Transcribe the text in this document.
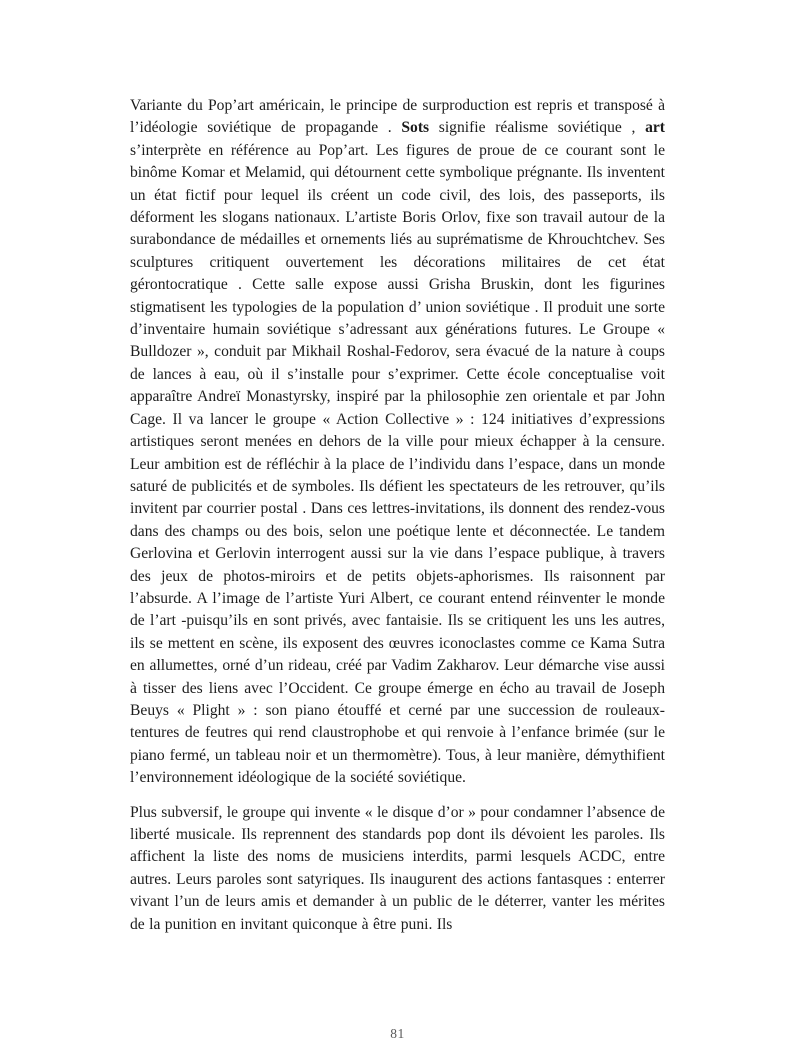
Variante du Pop’art américain, le principe de surproduction est repris et transposé à l’idéologie soviétique de propagande . Sots signifie réalisme soviétique , art s’interprète en référence au Pop’art. Les figures de proue de ce courant sont le binôme Komar et Melamid, qui détournent cette symbolique prégnante. Ils inventent un état fictif pour lequel ils créent un code civil, des lois, des passeports, ils déforment les slogans nationaux. L’artiste Boris Orlov, fixe son travail autour de la surabondance de médailles et ornements liés au suprématisme de Khrouchtchev. Ses sculptures critiquent ouvertement les décorations militaires de cet état gérontocratique . Cette salle expose aussi Grisha Bruskin, dont les figurines stigmatisent les typologies de la population d’ union soviétique . Il produit une sorte d’inventaire humain soviétique s’adressant aux générations futures. Le Groupe « Bulldozer », conduit par Mikhail Roshal-Fedorov, sera évacué de la nature à coups de lances à eau, où il s’installe pour s’exprimer. Cette école conceptualise voit apparaître Andreï Monastyrsky, inspiré par la philosophie zen orientale et par John Cage. Il va lancer le groupe « Action Collective » : 124 initiatives d’expressions artistiques seront menées en dehors de la ville pour mieux échapper à la censure. Leur ambition est de réfléchir à la place de l’individu dans l’espace, dans un monde saturé de publicités et de symboles. Ils défient les spectateurs de les retrouver, qu’ils invitent par courrier postal . Dans ces lettres-invitations, ils donnent des rendez-vous dans des champs ou des bois, selon une poétique lente et déconnectée. Le tandem Gerlovina et Gerlovin interrogent aussi sur la vie dans l’espace publique, à travers des jeux de photos-miroirs et de petits objets-aphorismes. Ils raisonnent par l’absurde. A l’image de l’artiste Yuri Albert, ce courant entend réinventer le monde de l’art -puisqu’ils en sont privés, avec fantaisie. Ils se critiquent les uns les autres, ils se mettent en scène, ils exposent des œuvres iconoclastes comme ce Kama Sutra en allumettes, orné d’un rideau, créé par Vadim Zakharov. Leur démarche vise aussi à tisser des liens avec l’Occident. Ce groupe émerge en écho au travail de Joseph Beuys « Plight » : son piano étouffé et cerné par une succession de rouleaux-tentures de feutres qui rend claustrophobe et qui renvoie à l’enfance brimée (sur le piano fermé, un tableau noir et un thermomètre). Tous, à leur manière, démythifient l’environnement idéologique de la société soviétique.

Plus subversif, le groupe qui invente « le disque d’or » pour condamner l’absence de liberté musicale. Ils reprennent des standards pop dont ils dévoient les paroles. Ils affichent la liste des noms de musiciens interdits, parmi lesquels ACDC, entre autres. Leurs paroles sont satyriques. Ils inaugurent des actions fantasques : enterrer vivant l’un de leurs amis et demander à un public de le déterrer, vanter les mérites de la punition en invitant quiconque à être puni. Ils

81
